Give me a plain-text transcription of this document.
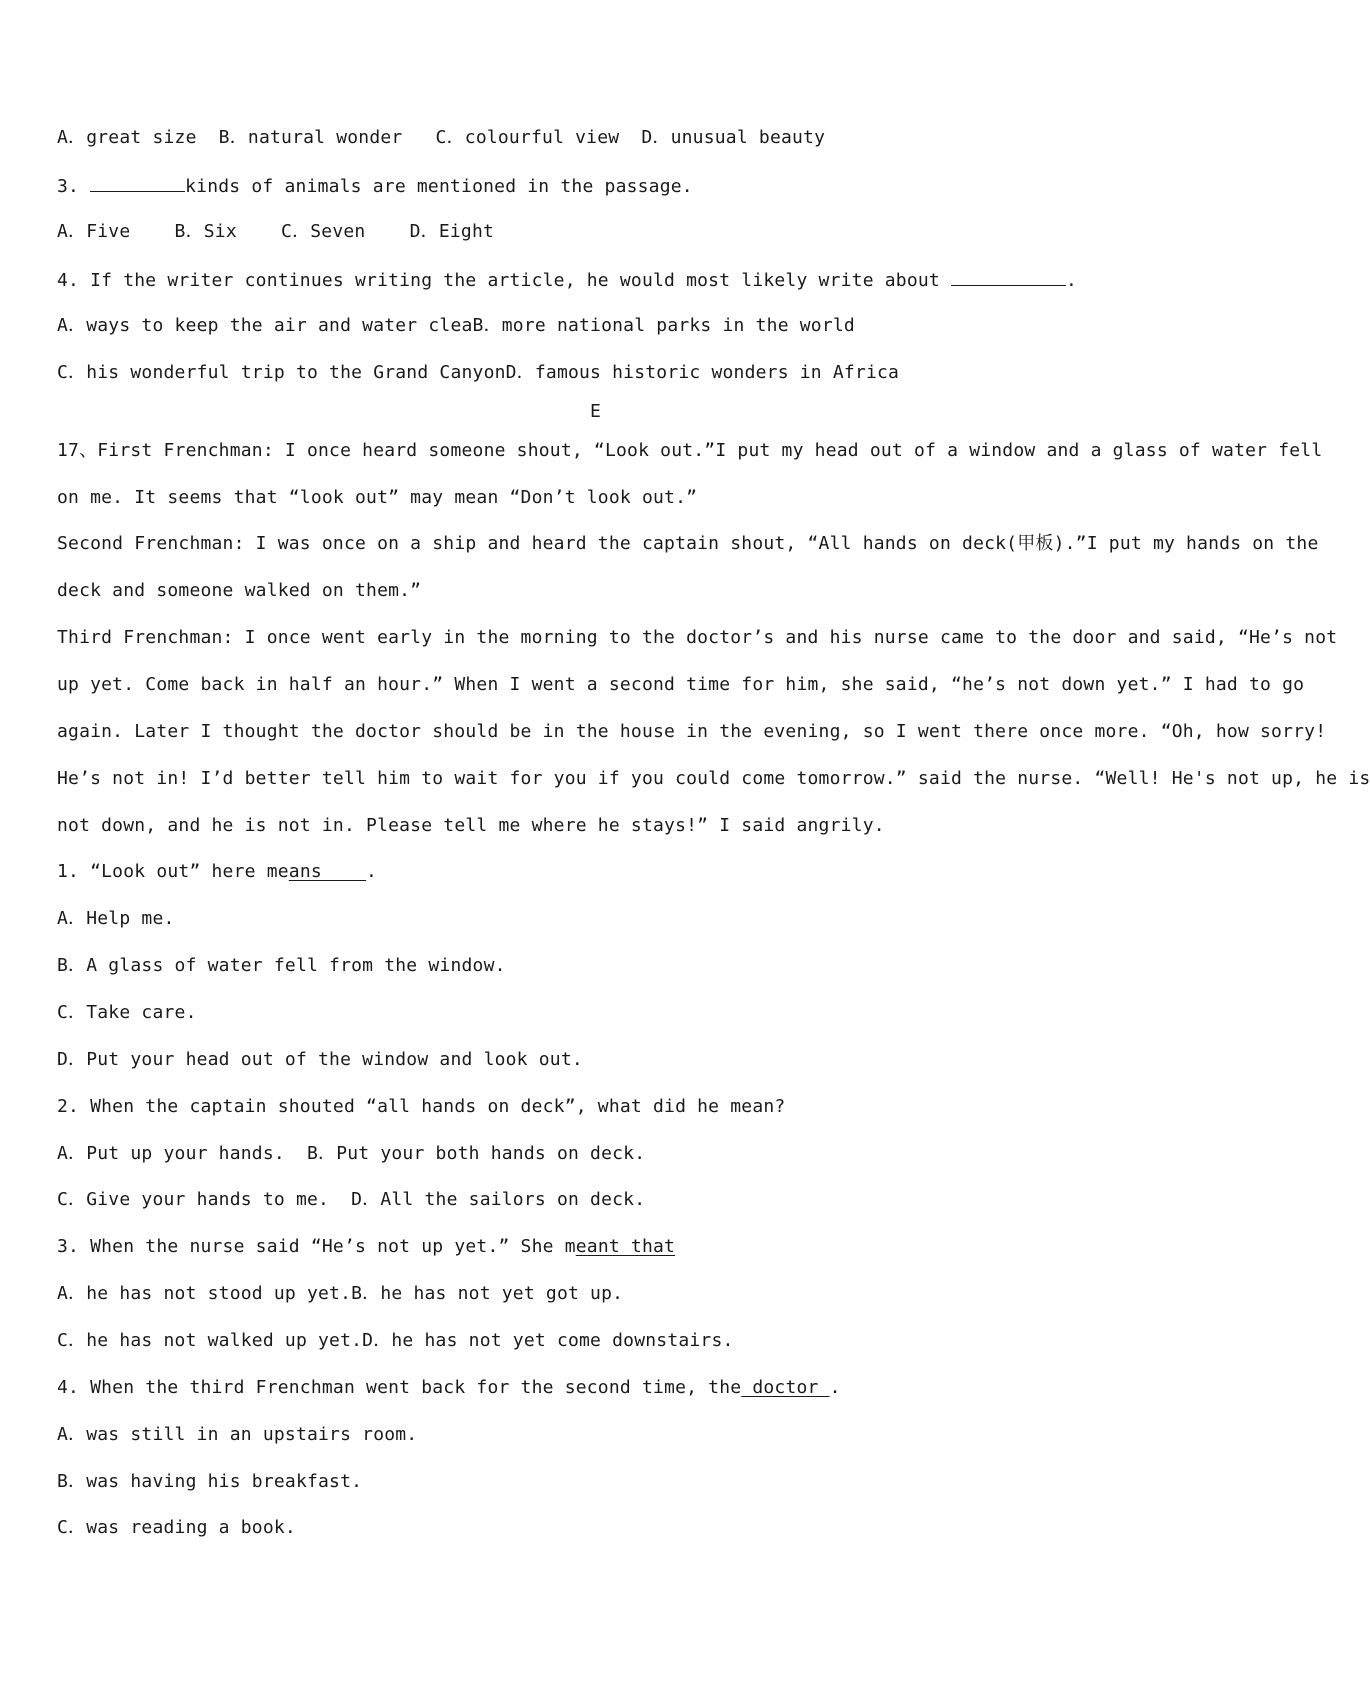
A．great size  B．natural wonder   C．colourful view  D．unusual beauty
3.	kinds of animals are mentioned in the passage.
A．Five    B．Six    C．Seven    D．Eight
4. If the writer continues writing the article, he would most likely write about	.
A．ways to keep the air and water cleaB．more national parks in the world
C．his wonderful trip to the Grand CanyonD．famous historic wonders in Africa
E
17、First Frenchman: I once heard someone shout, “Look out.”I put my head out of a window and a glass of water fell
on me. It seems that “look out” may mean “Don’t look out.”
Second Frenchman: I was once on a ship and heard the captain shout, “All hands on deck(甲板).”I put my hands on the
deck and someone walked on them.”
Third Frenchman: I once went early in the morning to the doctor’s and his nurse came to the door and said, “He’s not
up yet. Come back in half an hour.” When I went a second time for him, she said, “he’s not down yet.” I had to go
again. Later I thought the doctor should be in the house in the evening, so I went there once more. “Oh, how sorry!
He’s not in! I’d better tell him to wait for you if you could come tomorrow.” said the nurse. “Well! He's not up, he is
not down, and he is not in. Please tell me where he stays!” I said angrily.
1. “Look out” here means    .
A．Help me.
B．A glass of water fell from the window.
C．Take care.
D．Put your head out of the window and look out.
2. When the captain shouted “all hands on deck”, what did he mean?
A．Put up your hands.  B．Put your both hands on deck.
C．Give your hands to me.  D．All the sailors on deck.
3. When the nurse said “He’s not up yet.” She meant that
A．he has not stood up yet.B．he has not yet got up.
C．he has not walked up yet.D．he has not yet come downstairs.
4. When the third Frenchman went back for the second time, the doctor .
A．was still in an upstairs room.
B．was having his breakfast.
C．was reading a book.
